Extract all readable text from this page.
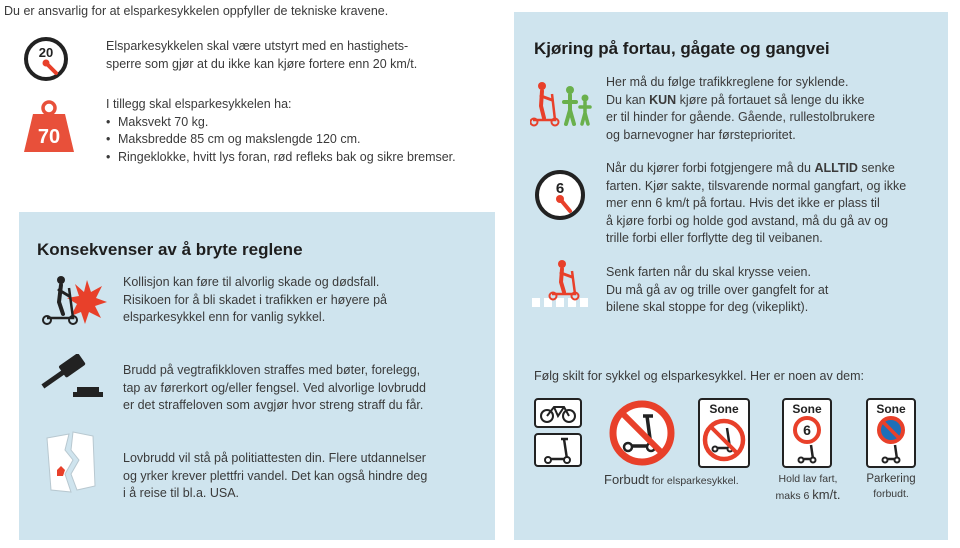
Du er ansvarlig for at elsparkesykkelen oppfyller de tekniske kravene.
20	Elsparkesykkelen skal være utstyrt med en hastighets-
sperre som gjør at du ikke kan kjøre fortere enn 20 km/t.
70
I tillegg skal elsparkesykkelen ha:
• Maksvekt 70 kg.
• Maksbredde 85 cm og makslengde 120 cm.
• Ringeklokke, hvitt lys foran, rød refleks bak og sikre bremser.
Konsekvenser av å bryte reglene
Kollisjon kan føre til alvorlig skade og dødsfall.
Risikoen for å bli skadet i trafikken er høyere på
elsparkesykkel enn for vanlig sykkel.
Brudd på vegtrafikkloven straffes med bøter, forelegg,
tap av førerkort og/eller fengsel. Ved alvorlige lovbrudd
er det straffeloven som avgjør hvor streng straff du får.
Lovbrudd vil stå på politiattesten din. Flere utdannelser
og yrker krever plettfri vandel. Det kan også hindre deg
i å reise til bl.a. USA.
Kjøring på fortau, gågate og gangvei
Her må du følge trafikkreglene for syklende.
Du kan KUN kjøre på fortauet så lenge du ikke
er til hinder for gående. Gående, rullestolbrukere
og barnevogner har førsteprioritet.
6
Når du kjører forbi fotgjengere må du ALLTID senke
farten. Kjør sakte, tilsvarende normal gangfart, og ikke
mer enn 6 km/t på fortau. Hvis det ikke er plass til
å kjøre forbi og holde god avstand, må du gå av og
trille forbi eller forflytte deg til veibanen.
Senk farten når du skal krysse veien.
Du må gå av og trille over gangfelt for at
bilene skal stoppe for deg (vikeplikt).
Følg skilt for sykkel og elsparkesykkel. Her er noen av dem:
Sone	Sone
6
Sone
Forbudt for elsparkesykkel.	Hold lav fart,
maks 6 km/t.
Parkering
forbudt.
